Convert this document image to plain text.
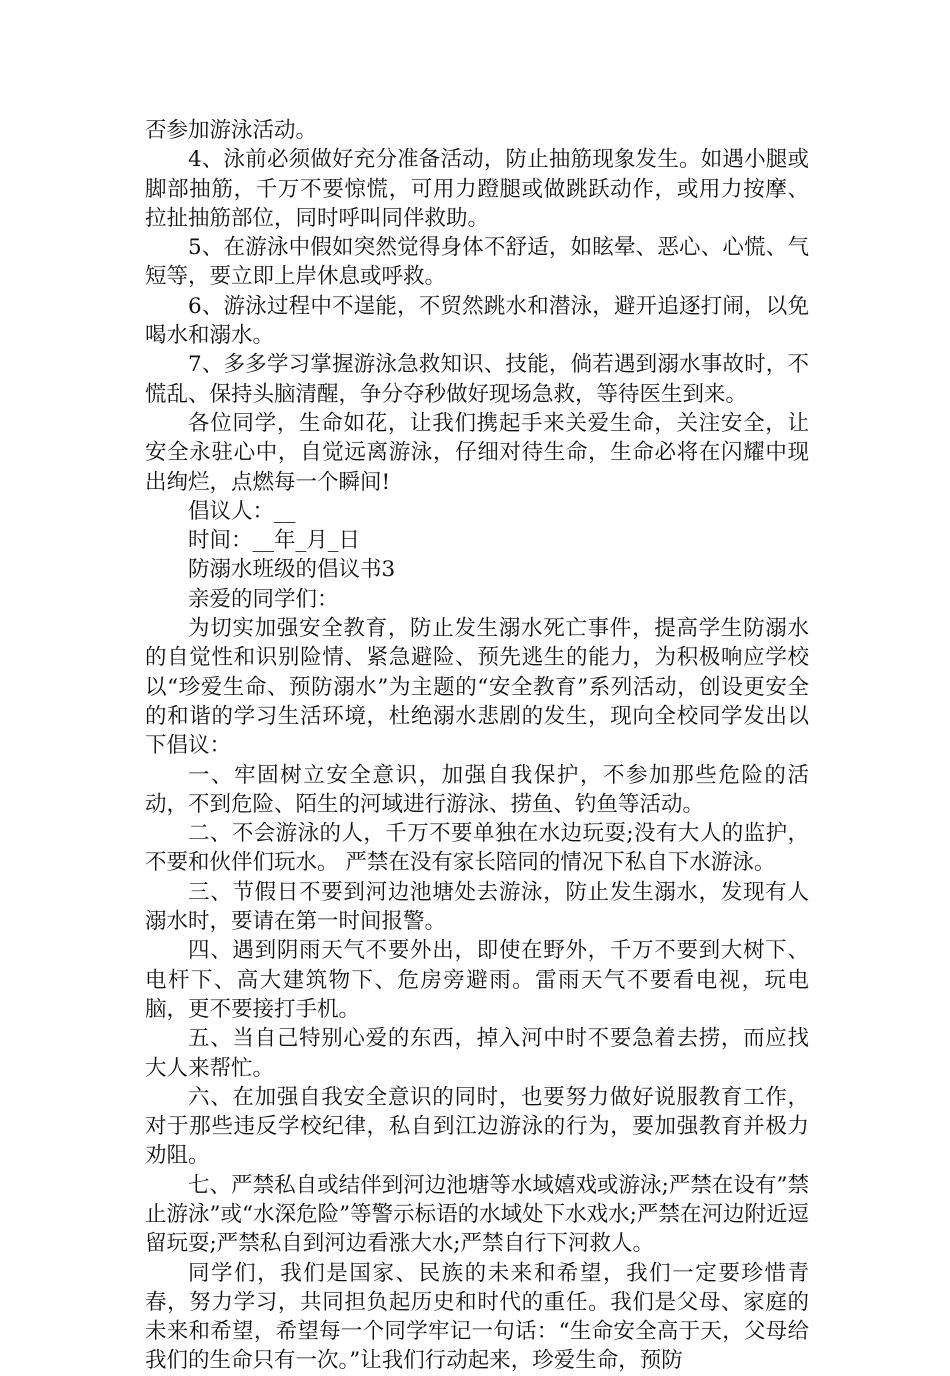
否参加游泳活动。

4、泳前必须做好充分准备活动，防止抽筋现象发生。如遇小腿或脚部抽筋，千万不要惊慌，可用力蹬腿或做跳跃动作，或用力按摩、拉扯抽筋部位，同时呼叫同伴救助。

5、在游泳中假如突然觉得身体不舒适，如眩晕、恶心、心慌、气短等，要立即上岸休息或呼救。

6、游泳过程中不逞能，不贸然跳水和潜泳，避开追逐打闹，以免喝水和溺水。

7、多多学习掌握游泳急救知识、技能，倘若遇到溺水事故时，不慌乱、保持头脑清醒，争分夺秒做好现场急救，等待医生到来。

各位同学，生命如花，让我们携起手来关爱生命，关注安全，让安全永驻心中，自觉远离游泳，仔细对待生命，生命必将在闪耀中现出绚烂，点燃每一个瞬间!

倡议人：__

时间：__年_月_日

防溺水班级的倡议书3

亲爱的同学们：

为切实加强安全教育，防止发生溺水死亡事件，提高学生防溺水的自觉性和识别险情、紧急避险、预先逃生的能力，为积极响应学校以“珍爱生命、预防溺水”为主题的“安全教育”系列活动，创设更安全的和谐的学习生活环境，杜绝溺水悲剧的发生，现向全校同学发出以下倡议：

一、牢固树立安全意识，加强自我保护，不参加那些危险的活动，不到危险、陌生的河域进行游泳、捞鱼、钓鱼等活动。

二、不会游泳的人，千万不要单独在水边玩耍;没有大人的监护，不要和伙伴们玩水。 严禁在没有家长陪同的情况下私自下水游泳。

三、节假日不要到河边池塘处去游泳，防止发生溺水，发现有人溺水时，要请在第一时间报警。

四、遇到阴雨天气不要外出，即使在野外，千万不要到大树下、电杆下、高大建筑物下、危房旁避雨。雷雨天气不要看电视，玩电脑，更不要接打手机。

五、当自己特别心爱的东西，掉入河中时不要急着去捞，而应找大人来帮忙。

六、在加强自我安全意识的同时，也要努力做好说服教育工作，对于那些违反学校纪律，私自到江边游泳的行为，要加强教育并极力劝阻。

七、严禁私自或结伴到河边池塘等水域嬉戏或游泳;严禁在设有”禁止游泳”或“水深危险”等警示标语的水域处下水戏水;严禁在河边附近逗留玩耍;严禁私自到河边看涨大水;严禁自行下河救人。

同学们，我们是国家、民族的未来和希望，我们一定要珍惜青春，努力学习，共同担负起历史和时代的重任。我们是父母、家庭的未来和希望，希望每一个同学牢记一句话：“生命安全高于天，父母给我们的生命只有一次。”让我们行动起来，珍爱生命，预防
